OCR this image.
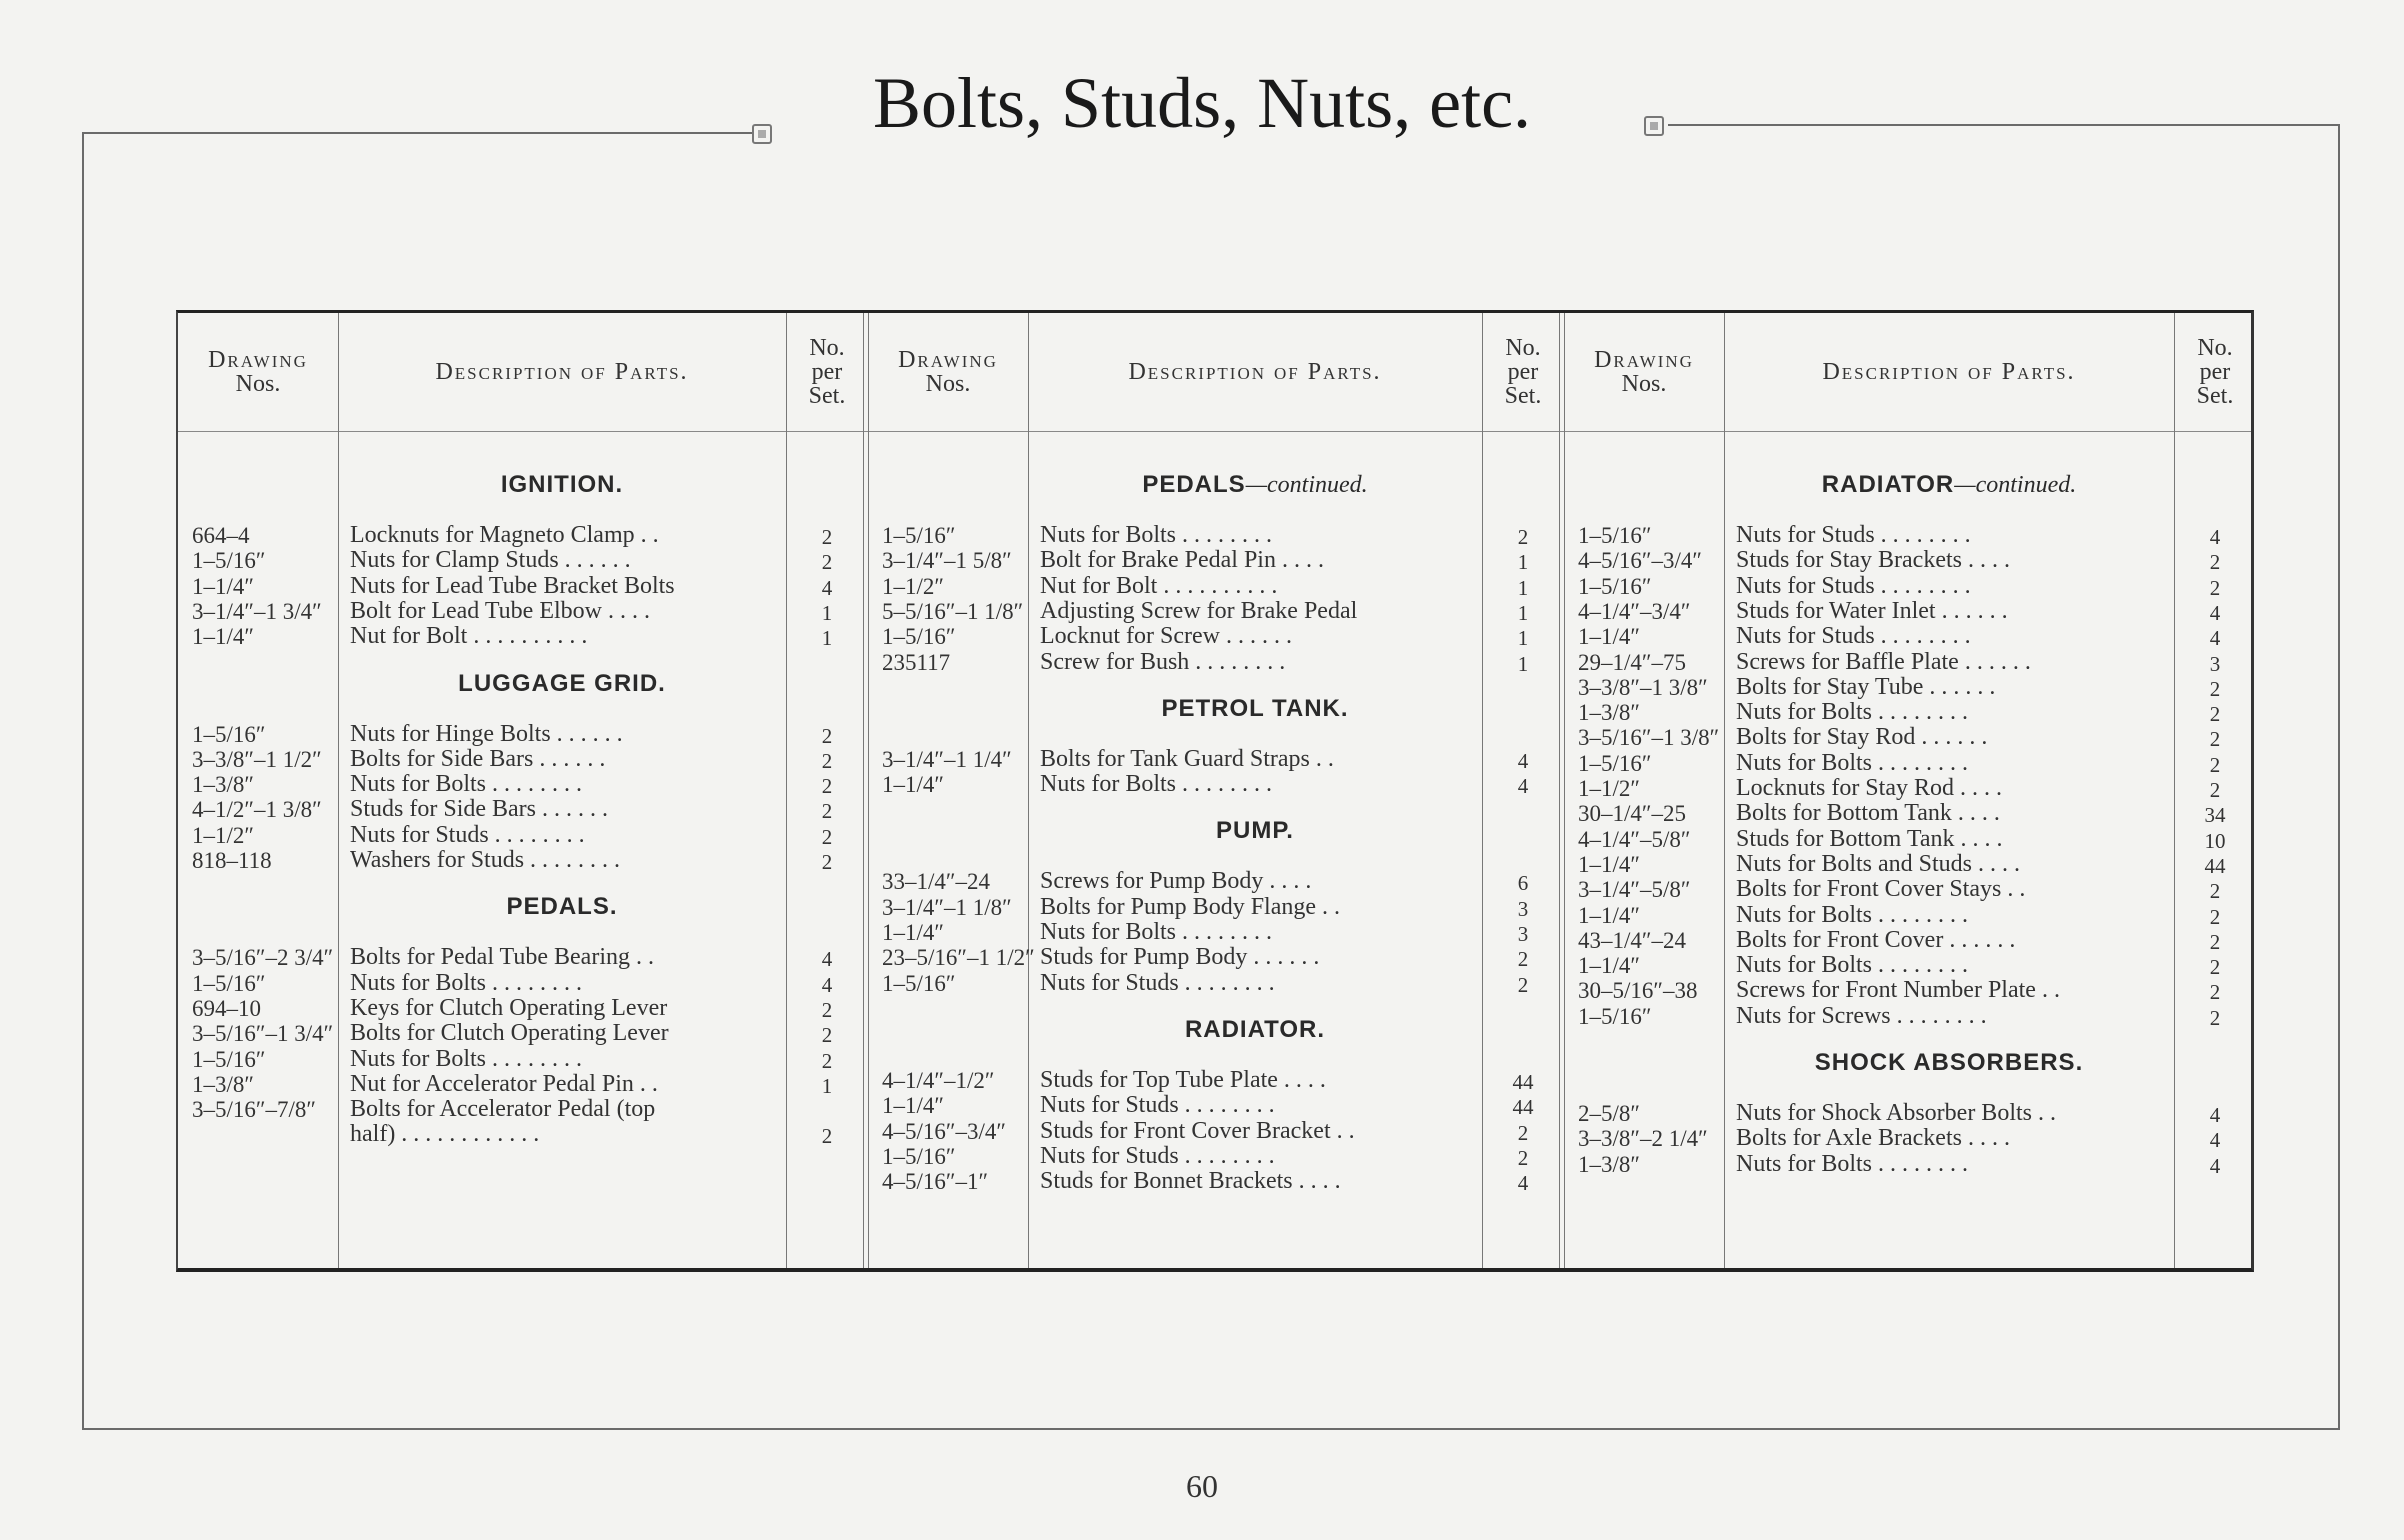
Bolts, Studs, Nuts, etc.
Drawing
Nos.	Description of Parts.
No.
per
Set.
IGNITION.
664–4	Locknuts for Magneto Clamp . .	2
1–5/16″	Nuts for Clamp Studs . . . . . .	2
1–1/4″	Nuts for Lead Tube Bracket Bolts	4
3–1/4″–1 3/4″ Bolt for Lead Tube Elbow . . . .	1
1–1/4″	Nut for Bolt . . . . . . . . . .	1
LUGGAGE GRID.
1–5/16″	Nuts for Hinge Bolts . . . . . .	2
3–3/8″–1 1/2″ Bolts for Side Bars . . . . . .	2
1–3/8″	Nuts for Bolts . . . . . . . .	2
4–1/2″–1 3/8″ Studs for Side Bars . . . . . .	2
1–1/2″	Nuts for Studs . . . . . . . .	2
818–118	Washers for Studs . . . . . . . .	2
PEDALS.
3–5/16″–2 3/4″ Bolts for Pedal Tube Bearing . .	4
1–5/16″	Nuts for Bolts . . . . . . . .	4
694–10	Keys for Clutch Operating Lever	2
3–5/16″–1 3/4″ Bolts for Clutch Operating Lever	2
1–5/16″	Nuts for Bolts . . . . . . . .	2
1–3/8″	Nut for Accelerator Pedal Pin . .	1
3–5/16″–7/8″ Bolts for Accelerator Pedal (top
half) . . . . . . . . . . . .	2
Drawing
Nos.	Description of Parts.
No.
per
Set.
PEDALS—continued.
1–5/16″	Nuts for Bolts . . . . . . . .	2
3–1/4″–1 5/8″ Bolt for Brake Pedal Pin . . . .	1
1–1/2″	Nut for Bolt . . . . . . . . . .	1
5–5/16″–1 1/8″ Adjusting Screw for Brake Pedal	1
1–5/16″	Locknut for Screw . . . . . .	1
235117	Screw for Bush . . . . . . . .	1
PETROL TANK.
3–1/4″–1 1/4″ Bolts for Tank Guard Straps . .	4
1–1/4″	Nuts for Bolts . . . . . . . .	4
PUMP.
33–1/4″–24 Screws for Pump Body . . . .	6
3–1/4″–1 1/8″ Bolts for Pump Body Flange . .	3
1–1/4″	Nuts for Bolts . . . . . . . .	3
23–5/16″–1 1/2″ Studs for Pump Body . . . . . .	2
1–5/16″	Nuts for Studs . . . . . . . .	2
RADIATOR.
4–1/4″–1/2″ Studs for Top Tube Plate . . . .	44
1–1/4″	Nuts for Studs . . . . . . . .	44
4–5/16″–3/4″ Studs for Front Cover Bracket . .	2
1–5/16″	Nuts for Studs . . . . . . . .	2
4–5/16″–1″ Studs for Bonnet Brackets . . . .	4
Drawing
Nos.	Description of Parts.
No.
per
Set.
RADIATOR—continued.
1–5/16″	Nuts for Studs . . . . . . . .	4
4–5/16″–3/4″ Studs for Stay Brackets . . . .	2
1–5/16″	Nuts for Studs . . . . . . . .	2
4–1/4″–3/4″ Studs for Water Inlet . . . . . .	4
1–1/4″	Nuts for Studs . . . . . . . .	4
29–1/4″–75 Screws for Baffle Plate . . . . . .	3
3–3/8″–1 3/8″ Bolts for Stay Tube . . . . . .	2
1–3/8″	Nuts for Bolts . . . . . . . .	2
3–5/16″–1 3/8″ Bolts for Stay Rod . . . . . .	2
1–5/16″	Nuts for Bolts . . . . . . . .	2
1–1/2″	Locknuts for Stay Rod . . . .	2
30–1/4″–25 Bolts for Bottom Tank . . . .	34
4–1/4″–5/8″ Studs for Bottom Tank . . . .	10
1–1/4″	Nuts for Bolts and Studs . . . .	44
3–1/4″–5/8″ Bolts for Front Cover Stays . .	2
1–1/4″	Nuts for Bolts . . . . . . . .	2
43–1/4″–24 Bolts for Front Cover . . . . . .	2
1–1/4″	Nuts for Bolts . . . . . . . .	2
30–5/16″–38 Screws for Front Number Plate . .	2
1–5/16″	Nuts for Screws . . . . . . . .	2
SHOCK ABSORBERS.
2–5/8″	Nuts for Shock Absorber Bolts . .	4
3–3/8″–2 1/4″ Bolts for Axle Brackets . . . .	4
1–3/8″	Nuts for Bolts . . . . . . . .	4
60
